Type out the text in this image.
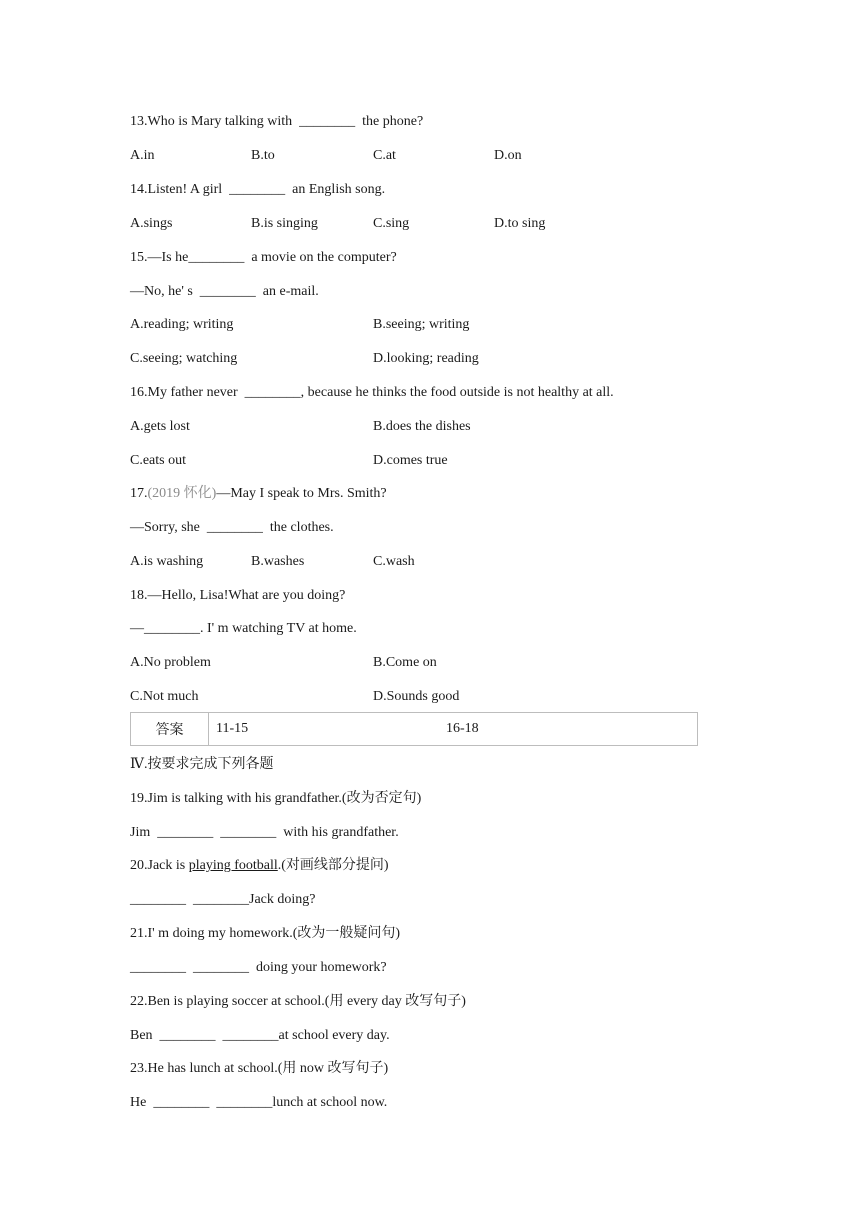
13.Who is Mary talking with  ________  the phone?
A.in	B.to	C.at	D.on
14.Listen! A girl  ________  an English song.
A.sings	B.is singing	C.sing	D.to sing
15.—Is he________  a movie on the computer?
—No, he' s  ________  an e-mail.
A.reading; writing	B.seeing; writing
C.seeing; watching	D.looking; reading
16.My father never  ________, because he thinks the food outside is not healthy at all.
A.gets lost	B.does the dishes
C.eats out	D.comes true
17.(2019 怀化)—May I speak to Mrs. Smith?
—Sorry, she  ________  the clothes.
A.is washing	B.washes	C.wash
18.—Hello, Lisa!What are you doing?
—________. I' m watching TV at home.
A.No problem	B.Come on
C.Not much	D.Sounds good
答案	11-15	16-18
Ⅳ.按要求完成下列各题
19.Jim is talking with his grandfather.(改为否定句)
Jim  ________  ________  with his grandfather.
20.Jack is playing football.(对画线部分提问)
________  ________Jack doing?
21.I' m doing my homework.(改为一般疑问句)
________  ________  doing your homework?
22.Ben is playing soccer at school.(用 every day 改写句子)
Ben  ________  ________at school every day.
23.He has lunch at school.(用 now 改写句子)
He  ________  ________lunch at school now.
